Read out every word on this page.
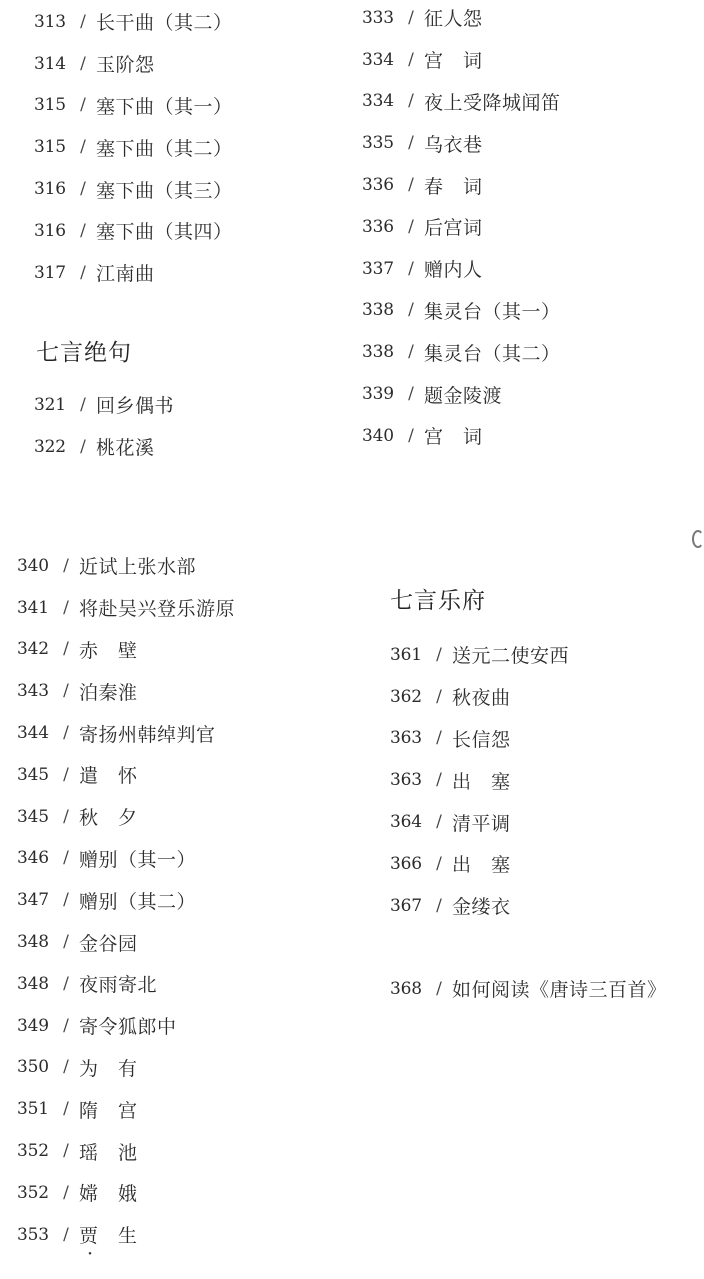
313 / 长干曲（其二）
314 / 玉阶怨
315 / 塞下曲（其一）
315 / 塞下曲（其二）
316 / 塞下曲（其三）
316 / 塞下曲（其四）
317 / 江南曲
七言绝句
321 / 回乡偶书
322 / 桃花溪
333 / 征人怨
334 / 宫　词
334 / 夜上受降城闻笛
335 / 乌衣巷
336 / 春　词
336 / 后宫词
337 / 赠内人
338 / 集灵台（其一）
338 / 集灵台（其二）
339 / 题金陵渡
340 / 宫　词
340 / 近试上张水部
341 / 将赴吴兴登乐游原
342 / 赤　壁
343 / 泊秦淮
344 / 寄扬州韩绰判官
345 / 遣　怀
345 / 秋　夕
346 / 赠别（其一）
347 / 赠别（其二）
348 / 金谷园
348 / 夜雨寄北
349 / 寄令狐郎中
350 / 为　有
351 / 隋　宫
352 / 瑶　池
352 / 嫦　娥
353 / 贾　生
七言乐府
361 / 送元二使安西
362 / 秋夜曲
363 / 长信怨
363 / 出　塞
364 / 清平调
366 / 出　塞
367 / 金缕衣
368 / 如何阅读《唐诗三百首》
·
